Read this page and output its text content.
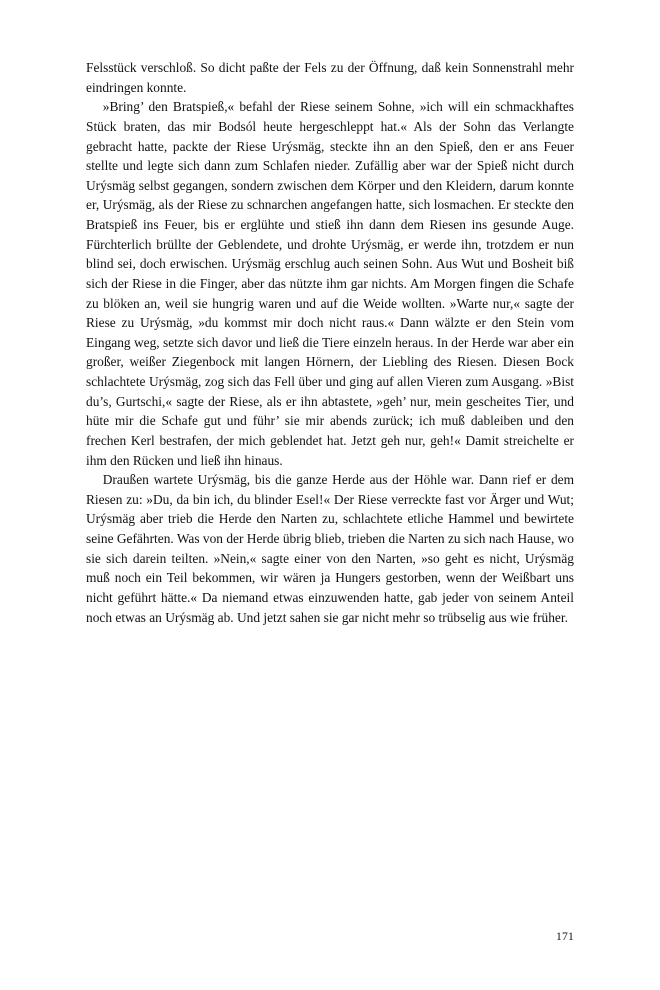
Felsstück verschloß. So dicht paßte der Fels zu der Öffnung, daß kein Sonnenstrahl mehr eindringen konnte.

»Bring’ den Bratspieß,« befahl der Riese seinem Sohne, »ich will ein schmackhaftes Stück braten, das mir Bodsól heute hergeschleppt hat.« Als der Sohn das Verlangte gebracht hatte, packte der Riese Urýsmäg, steckte ihn an den Spieß, den er ans Feuer stellte und legte sich dann zum Schlafen nieder. Zufällig aber war der Spieß nicht durch Urýsmäg selbst gegangen, sondern zwischen dem Körper und den Kleidern, darum konnte er, Urýsmäg, als der Riese zu schnarchen angefangen hatte, sich losmachen. Er steckte den Bratspieß ins Feuer, bis er erglühte und stieß ihn dann dem Riesen ins gesunde Auge. Fürchterlich brüllte der Geblendete, und drohte Urýsmäg, er werde ihn, trotzdem er nun blind sei, doch erwischen. Urýsmäg erschlug auch seinen Sohn. Aus Wut und Bosheit biß sich der Riese in die Finger, aber das nützte ihm gar nichts. Am Morgen fingen die Schafe zu blöken an, weil sie hungrig waren und auf die Weide wollten. »Warte nur,« sagte der Riese zu Urýsmäg, »du kommst mir doch nicht raus.« Dann wälzte er den Stein vom Eingang weg, setzte sich davor und ließ die Tiere einzeln heraus. In der Herde war aber ein großer, weißer Ziegenbock mit langen Hörnern, der Liebling des Riesen. Diesen Bock schlachtete Urýsmäg, zog sich das Fell über und ging auf allen Vieren zum Ausgang. »Bist du’s, Gurtschi,« sagte der Riese, als er ihn abtastete, »geh’ nur, mein gescheites Tier, und hüte mir die Schafe gut und führ’ sie mir abends zurück; ich muß dableiben und den frechen Kerl bestrafen, der mich geblendet hat. Jetzt geh nur, geh!« Damit streichelte er ihm den Rücken und ließ ihn hinaus.

Draußen wartete Urýsmäg, bis die ganze Herde aus der Höhle war. Dann rief er dem Riesen zu: »Du, da bin ich, du blinder Esel!« Der Riese verreckte fast vor Ärger und Wut; Urýsmäg aber trieb die Herde den Narten zu, schlachtete etliche Hammel und bewirtete seine Gefährten. Was von der Herde übrig blieb, trieben die Narten zu sich nach Hause, wo sie sich darein teilten. »Nein,« sagte einer von den Narten, »so geht es nicht, Urýsmäg muß noch ein Teil bekommen, wir wären ja Hungers gestorben, wenn der Weißbart uns nicht geführt hätte.« Da niemand etwas einzuwenden hatte, gab jeder von seinem Anteil noch etwas an Urýsmäg ab. Und jetzt sahen sie gar nicht mehr so trübselig aus wie früher.

171
